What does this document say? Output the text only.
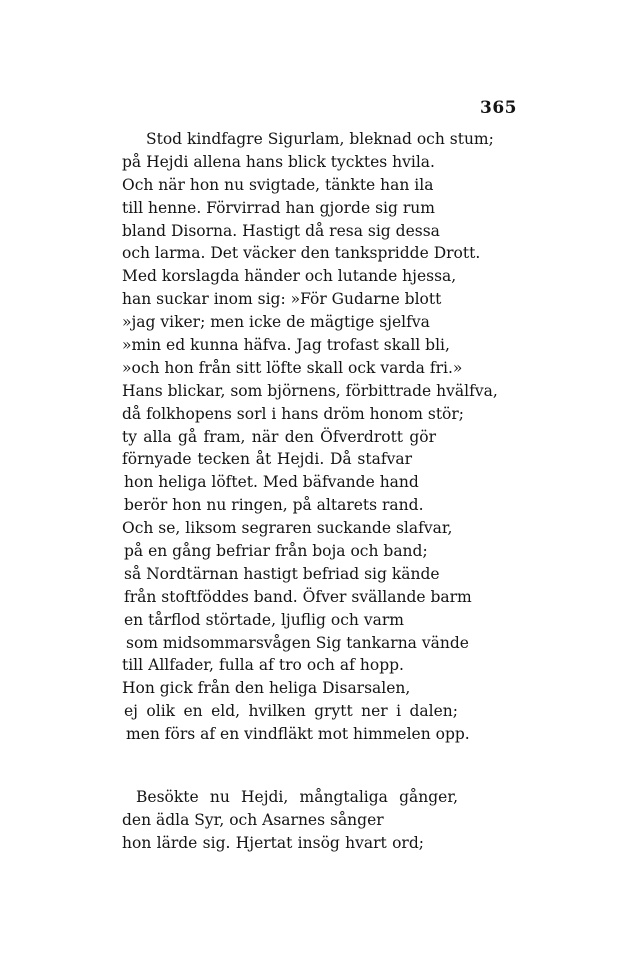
365
Stod kindfagre Sigurlam, bleknad och stum;
på Hejdi allena hans blick tycktes hvila.
Och när hon nu svigtade, tänkte han ila
till henne. Förvirrad han gjorde sig rum
bland Disorna. Hastigt då resa sig dessa
och larma. Det väcker den tankspridde Drott.
Med korslagda händer och lutande hjessa,
han suckar inom sig: »För Gudarne blott
»jag viker; men icke de mägtige sjelfva
»min ed kunna häfva. Jag trofast skall bli,
»och hon från sitt löfte skall ock varda fri.»
Hans blickar, som björnens, förbittrade hvälfva,
då folkhopens sorl i hans dröm honom stör;
ty alla gå fram, när den Öfverdrott gör
förnyade tecken åt Hejdi. Då stafvar
hon heliga löftet. Med bäfvande hand
berör hon nu ringen, på altarets rand.
Och se, liksom segraren suckande slafvar,
på en gång befriar från boja och band;
så Nordtärnan hastigt befriad sig kände
från stoftföddes band. Öfver svällande barm
en tårflod störtade, ljuflig och varm
som midsommarsvågen Sig tankarna vände
till Allfader, fulla af tro och af hopp.
Hon gick från den heliga Disarsalen,
ej olik en eld, hvilken grytt ner i dalen;
men förs af en vindfläkt mot himmelen opp.
Besökte nu Hejdi, mångtaliga gånger,
den ädla Syr, och Asarnes sånger
hon lärde sig. Hjertat insög hvart ord;
